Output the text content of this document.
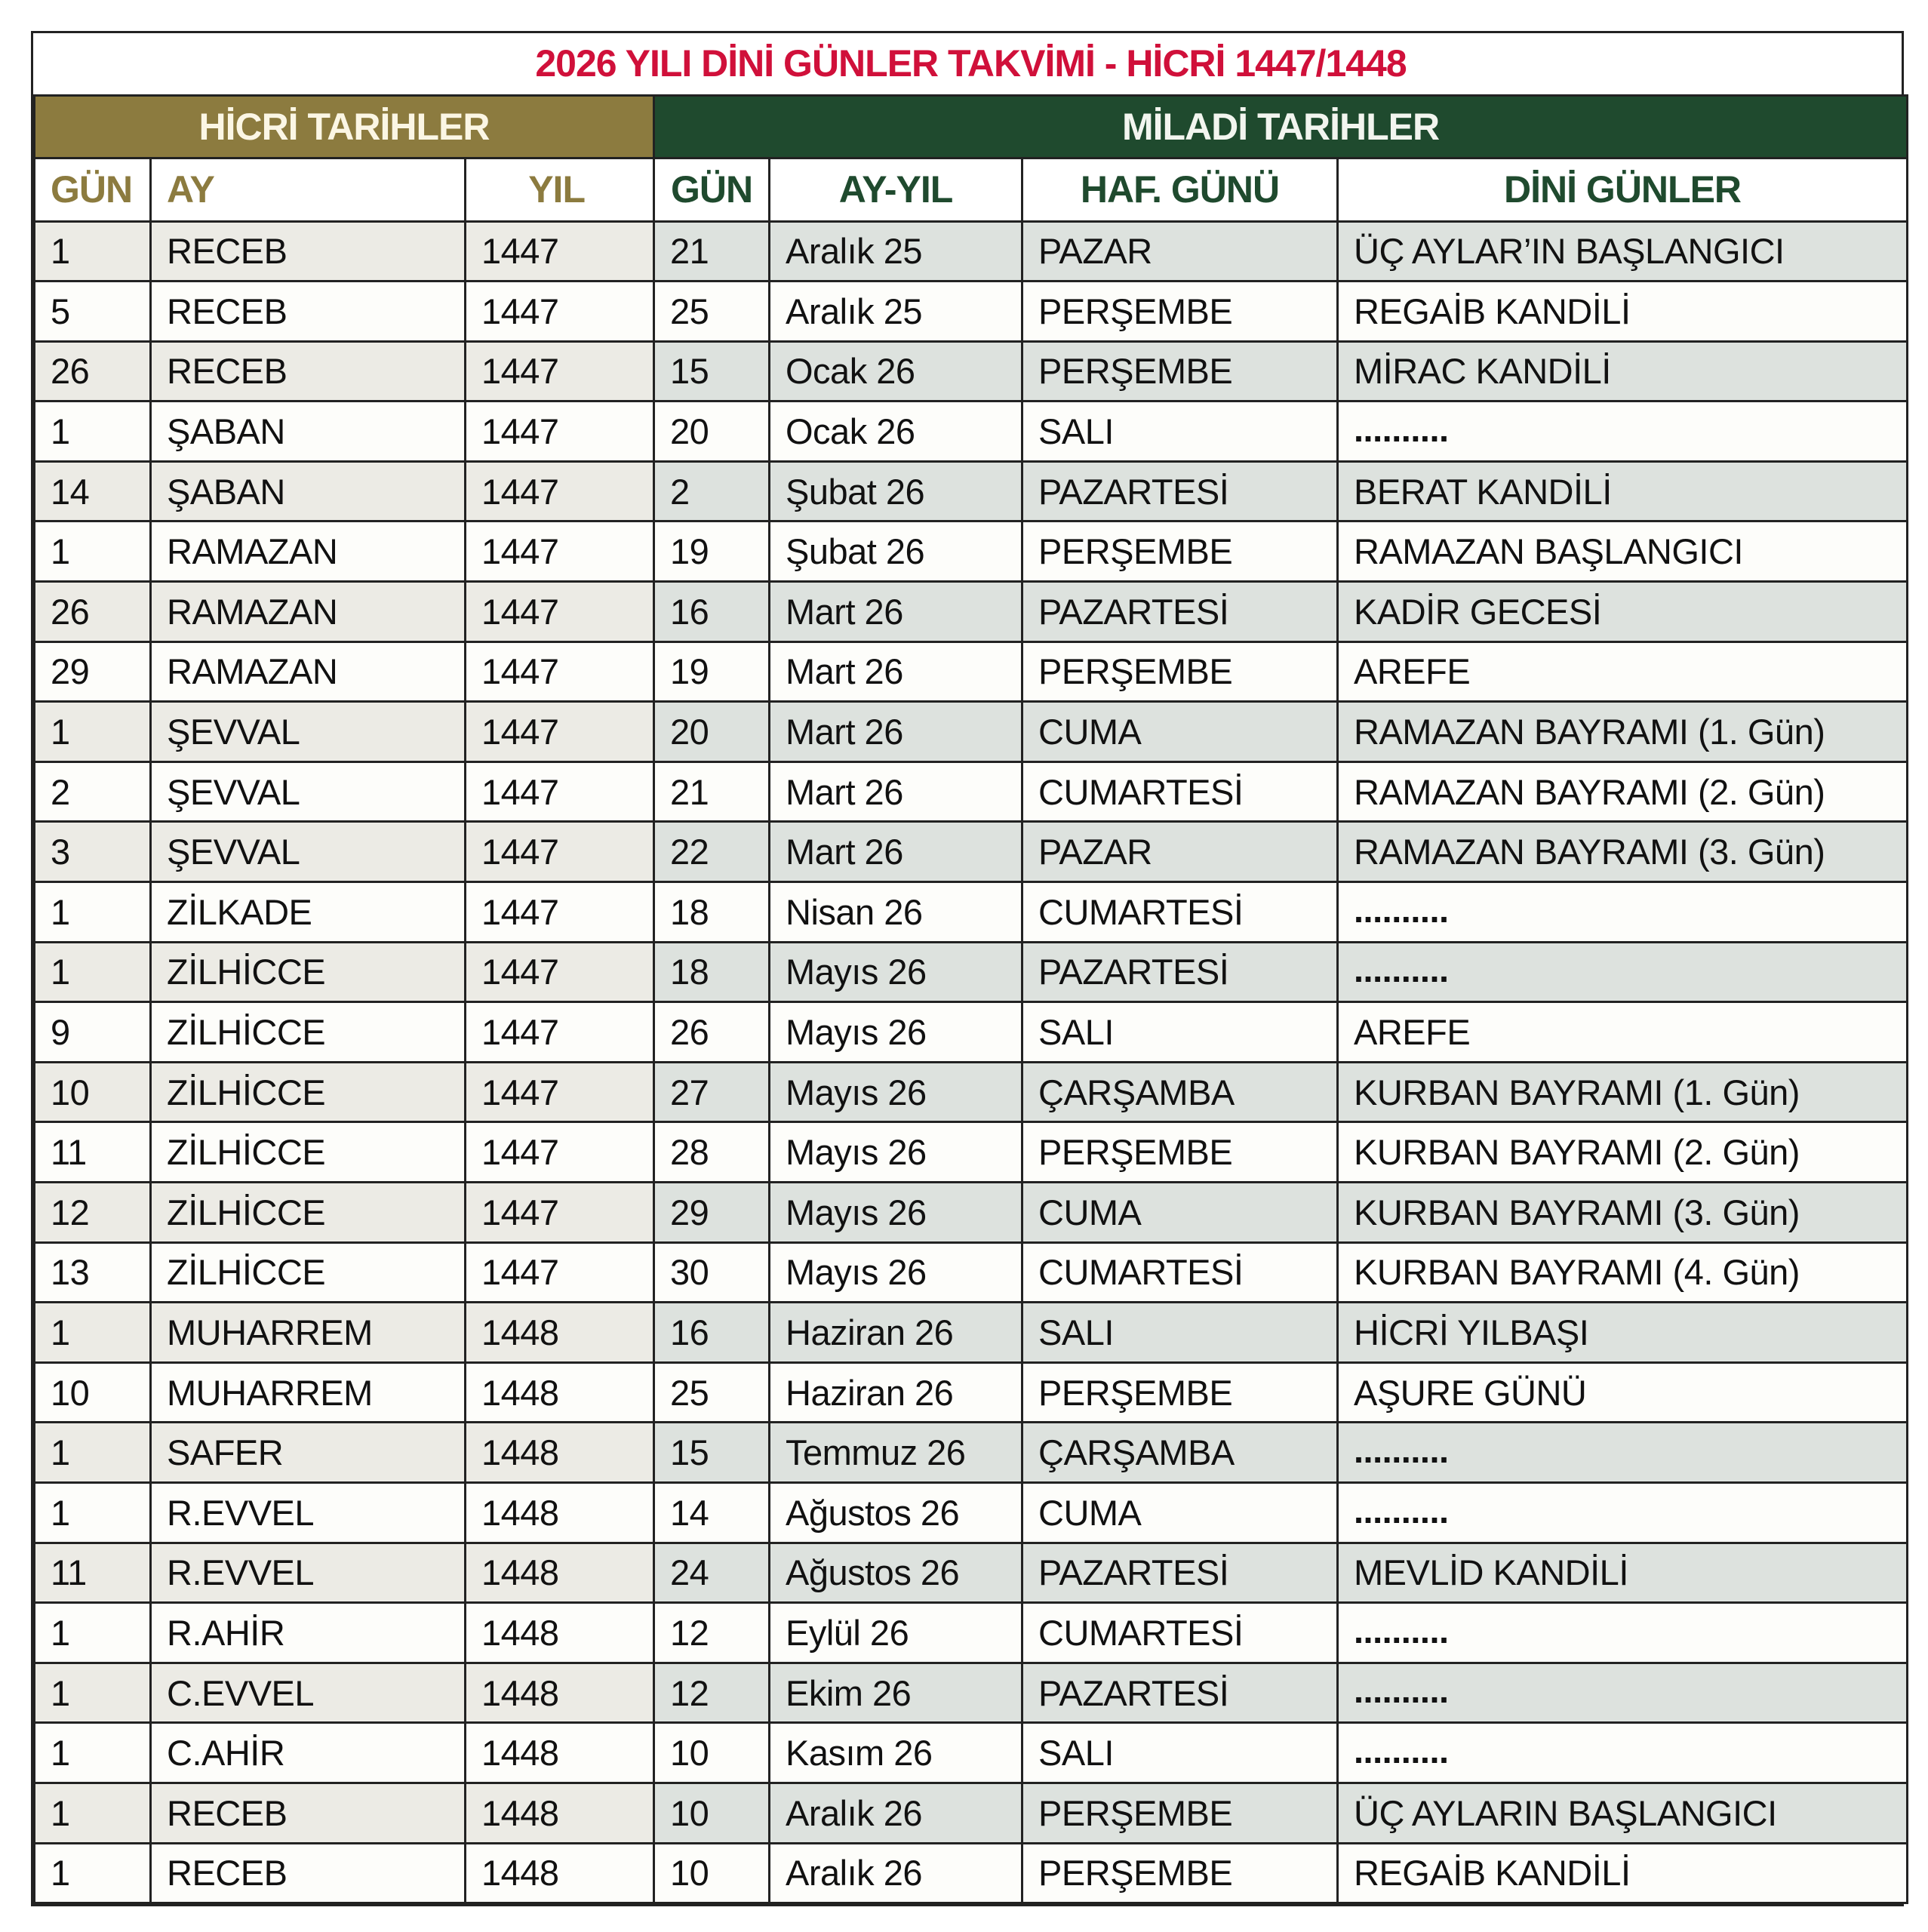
2026 YILI DİNİ GÜNLER TAKVİMİ - HİCRİ 1447/1448						
HİCRİ TARİHLER			MİLADİ TARİHLER			
GÜN	AY	YIL	GÜN	AY-YIL	HAF. GÜNÜ	DİNİ GÜNLER
1	RECEB	1447	21	Aralık 25	PAZAR	ÜÇ AYLAR’IN BAŞLANGICI
5	RECEB	1447	25	Aralık 25	PERŞEMBE	REGAİB KANDİLİ
26	RECEB	1447	15	Ocak 26	PERŞEMBE	MİRAC KANDİLİ
1	ŞABAN	1447	20	Ocak 26	SALI	..........
14	ŞABAN	1447	2	Şubat 26	PAZARTESİ	BERAT KANDİLİ
1	RAMAZAN	1447	19	Şubat 26	PERŞEMBE	RAMAZAN BAŞLANGICI
26	RAMAZAN	1447	16	Mart 26	PAZARTESİ	KADİR GECESİ
29	RAMAZAN	1447	19	Mart 26	PERŞEMBE	AREFE
1	ŞEVVAL	1447	20	Mart 26	CUMA	RAMAZAN BAYRAMI (1. Gün)
2	ŞEVVAL	1447	21	Mart 26	CUMARTESİ	RAMAZAN BAYRAMI (2. Gün)
3	ŞEVVAL	1447	22	Mart 26	PAZAR	RAMAZAN BAYRAMI (3. Gün)
1	ZİLKADE	1447	18	Nisan 26	CUMARTESİ	..........
1	ZİLHİCCE	1447	18	Mayıs 26	PAZARTESİ	..........
9	ZİLHİCCE	1447	26	Mayıs 26	SALI	AREFE
10	ZİLHİCCE	1447	27	Mayıs 26	ÇARŞAMBA	KURBAN BAYRAMI (1. Gün)
11	ZİLHİCCE	1447	28	Mayıs 26	PERŞEMBE	KURBAN BAYRAMI (2. Gün)
12	ZİLHİCCE	1447	29	Mayıs 26	CUMA	KURBAN BAYRAMI (3. Gün)
13	ZİLHİCCE	1447	30	Mayıs 26	CUMARTESİ	KURBAN BAYRAMI (4. Gün)
1	MUHARREM	1448	16	Haziran 26	SALI	HİCRİ YILBAŞI
10	MUHARREM	1448	25	Haziran 26	PERŞEMBE	AŞURE GÜNÜ
1	SAFER	1448	15	Temmuz 26	ÇARŞAMBA	..........
1	R.EVVEL	1448	14	Ağustos 26	CUMA	..........
11	R.EVVEL	1448	24	Ağustos 26	PAZARTESİ	MEVLİD KANDİLİ
1	R.AHİR	1448	12	Eylül 26	CUMARTESİ	..........
1	C.EVVEL	1448	12	Ekim 26	PAZARTESİ	..........
1	C.AHİR	1448	10	Kasım 26	SALI	..........
1	RECEB	1448	10	Aralık 26	PERŞEMBE	ÜÇ AYLARIN BAŞLANGICI
1	RECEB	1448	10	Aralık 26	PERŞEMBE	REGAİB KANDİLİ
